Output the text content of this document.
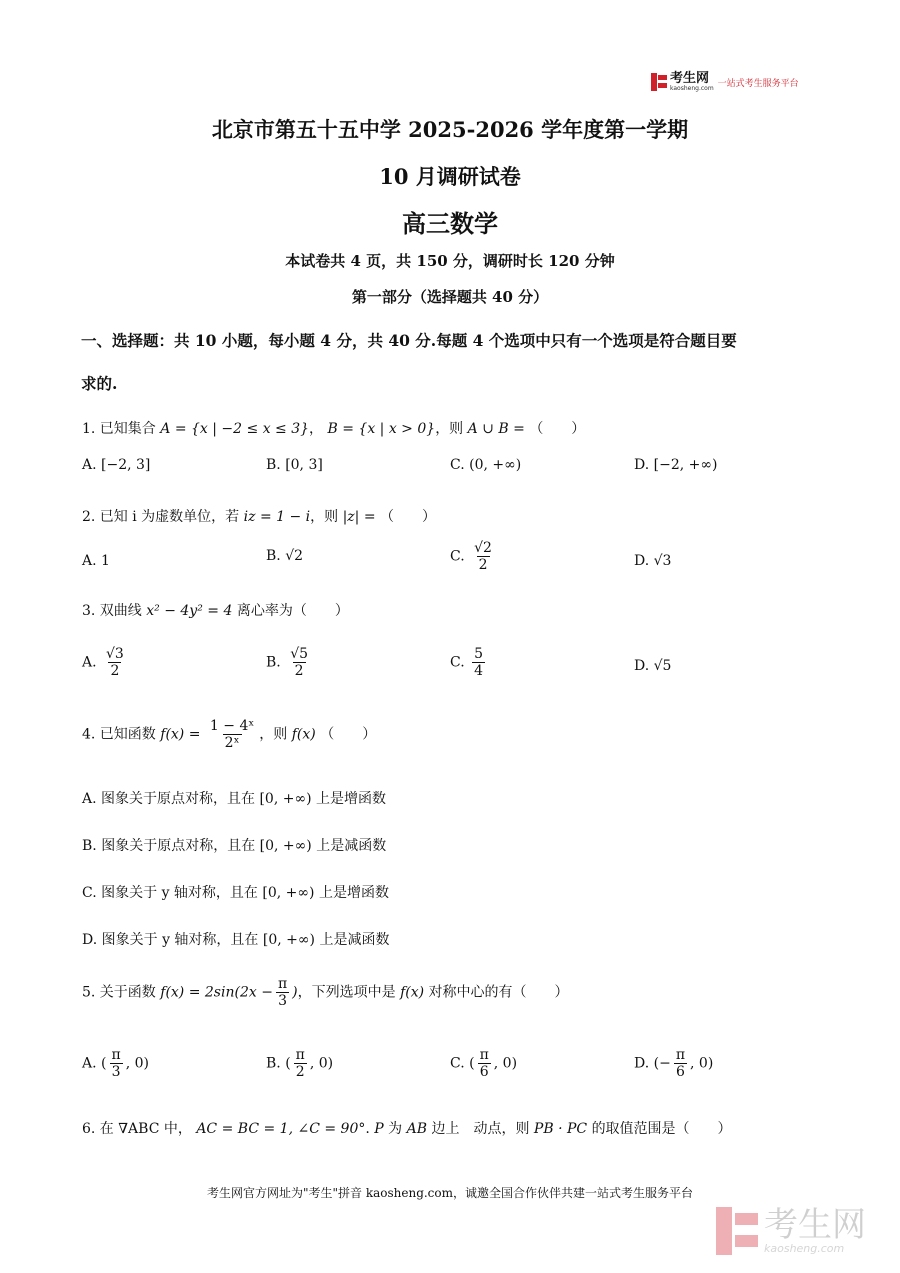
考生网
kaosheng.com 一站式考生服务平台
北京市第五十五中学 2025-2026 学年度第一学期
10 月调研试卷
高三数学
本试卷共 4 页，共 150 分，调研时长 120 分钟
第一部分（选择题共 40 分）
一、选择题：共 10 小题，每小题 4 分，共 40 分.每题 4 个选项中只有一个选项是符合题目要
求的.
1. 已知集合 A = {x | −2 ≤ x ≤ 3}， B = {x | x > 0}，则 A ∪ B = （　　）
A. [−2, 3]	B. [0, 3]	C. (0, +∞)	D. [−2, +∞)
2. 已知 i 为虚数单位，若 iz = 1 − i，则 |z| = （　　）
A. 1	B. √2	C. $\frac{√2}{2}$	D. √3
3. 双曲线 x² − 4y² = 4 离心率为（　　）
A. $\frac{√3}{2}$	B. $\frac{√5}{2}$	C. $\frac{5}{4}$	D. √5
4. 已知函数 $f(x) = \frac{\text{1 − 4ˣ}}{\text{2ˣ}}$ ，则 f(x) （　　）
A. 图象关于原点对称，且在 [0, +∞) 上是增函数
B. 图象关于原点对称，且在 [0, +∞) 上是减函数
C. 图象关于 y 轴对称，且在 [0, +∞) 上是增函数
D. 图象关于 y 轴对称，且在 [0, +∞) 上是减函数
5. 关于函数 $f(x) = 2\sin(2x - \frac{\pi}{3}$ )，下列选项中是 f(x) 对称中心的有（　　）
A. ( $\frac{\pi}{3}$ , 0)	B. ( $\frac{\pi}{2}$ , 0)	C. ( $\frac{\pi}{6}$ , 0)	D. (− $\frac{\pi}{6}$ , 0)
6. 在 ∇ABC 中， AC = BC = 1, ∠C = 90°. P 为 AB 边上　动点，则 PB · PC 的取值范围是（　　）
考生网官方网址为"考生"拼音 kaosheng.com，诚邀全国合作伙伴共建一站式考生服务平台
考生网
kaosheng.com
